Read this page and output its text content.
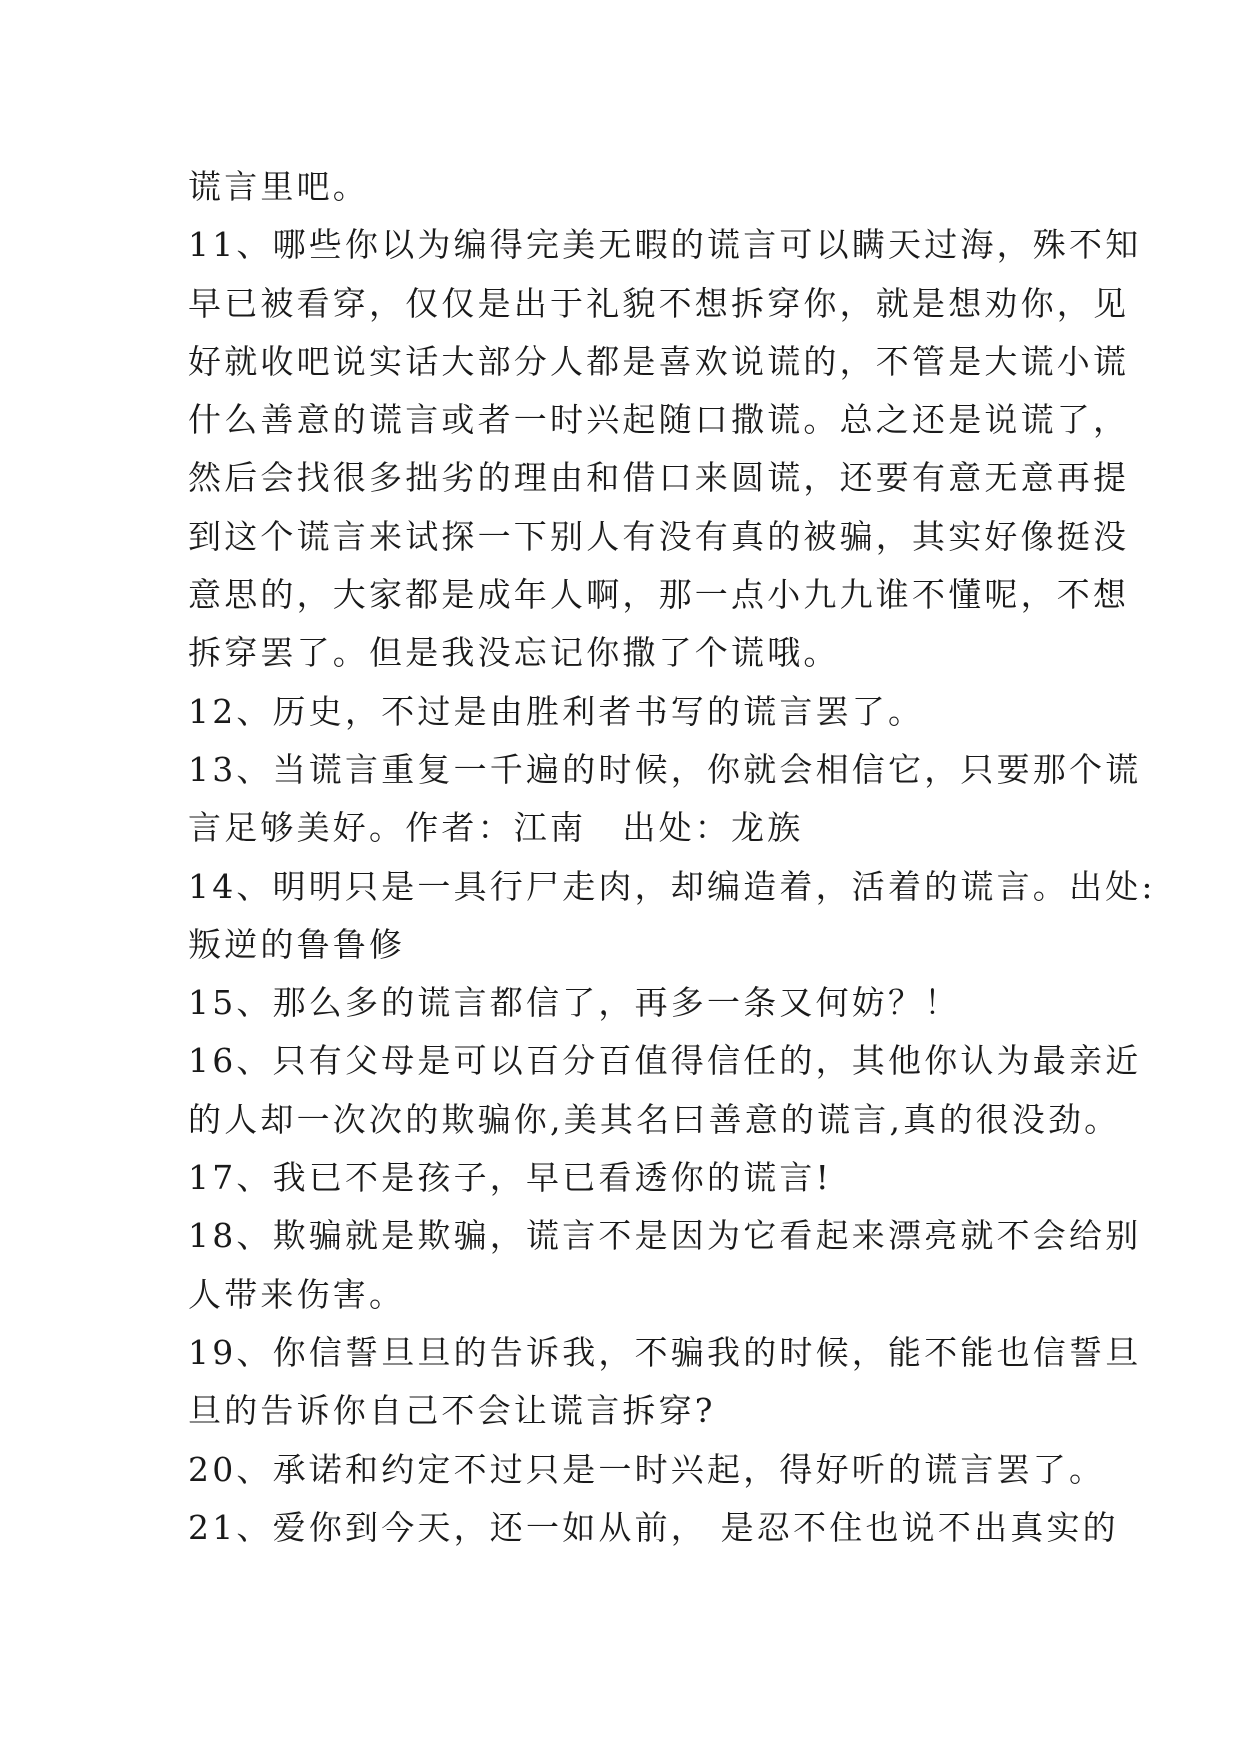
谎言里吧。
11、哪些你以为编得完美无暇的谎言可以瞒天过海，殊不知
早已被看穿，仅仅是出于礼貌不想拆穿你，就是想劝你，见
好就收吧说实话大部分人都是喜欢说谎的，不管是大谎小谎
什么善意的谎言或者一时兴起随口撒谎。总之还是说谎了，
然后会找很多拙劣的理由和借口来圆谎，还要有意无意再提
到这个谎言来试探一下别人有没有真的被骗，其实好像挺没
意思的，大家都是成年人啊，那一点小九九谁不懂呢，不想
拆穿罢了。但是我没忘记你撒了个谎哦。
12、历史，不过是由胜利者书写的谎言罢了。
13、当谎言重复一千遍的时候，你就会相信它，只要那个谎
言足够美好。作者：江南　出处：龙族
14、明明只是一具行尸走肉，却编造着，活着的谎言。出处:
叛逆的鲁鲁修
15、那么多的谎言都信了，再多一条又何妨？！
16、只有父母是可以百分百值得信任的，其他你认为最亲近
的人却一次次的欺骗你,美其名曰善意的谎言,真的很没劲。
17、我已不是孩子，早已看透你的谎言!
18、欺骗就是欺骗，谎言不是因为它看起来漂亮就不会给别
人带来伤害。
19、你信誓旦旦的告诉我，不骗我的时候，能不能也信誓旦
旦的告诉你自己不会让谎言拆穿?
20、承诺和约定不过只是一时兴起，得好听的谎言罢了。
21、爱你到今天，还一如从前， 是忍不住也说不出真实的
